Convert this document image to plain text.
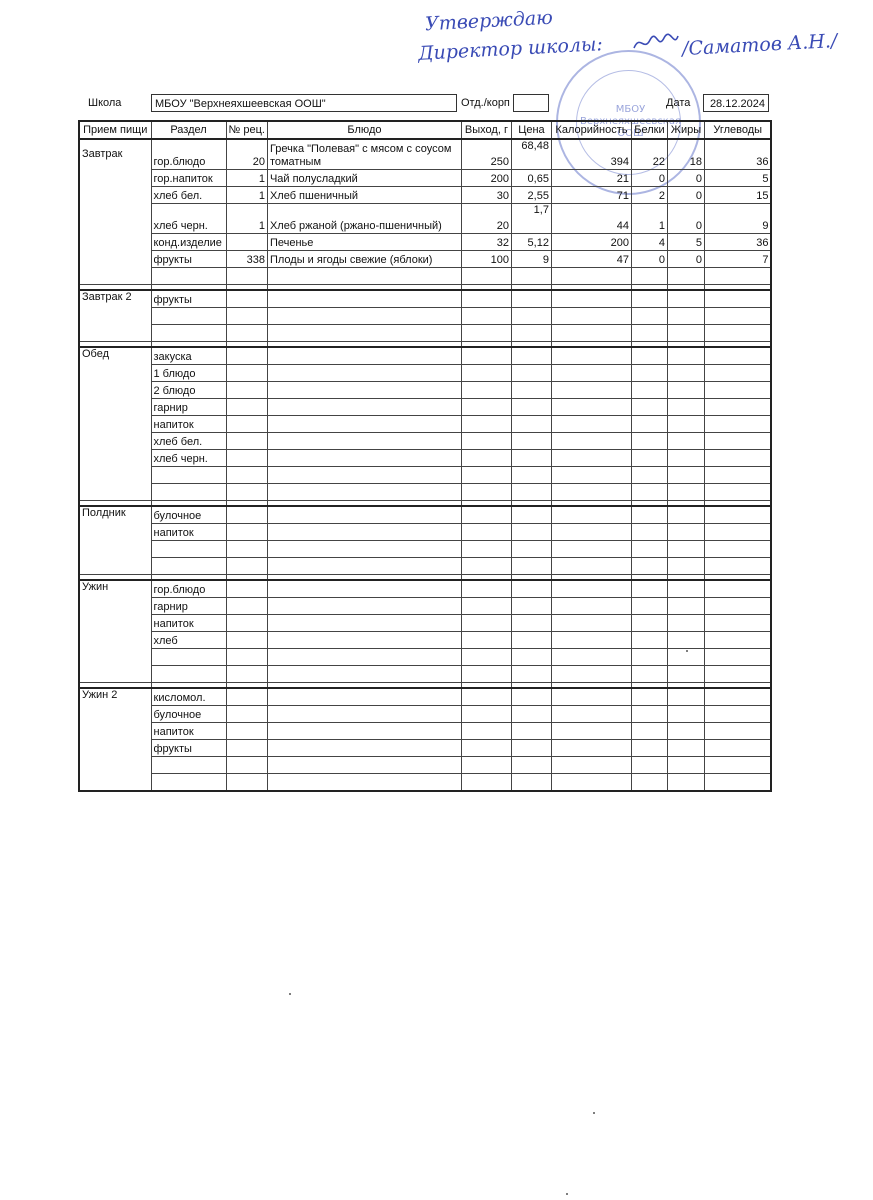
Утверждаю
Директор школы:	/Саматов А.Н./
МБОУ
Верхнеяхшеевская
ООШ
Школа	МБОУ "Верхнеяхшеевская ООШ"	Отд./корп	Дата	28.12.2024
Прием пищи	Раздел	№ рец.	Блюдо	Выход, г	Цена	Калорийность	Белки	Жиры	Углеводы
Завтрак	гор.блюдо	20	Гречка "Полевая" с мясом с соусом томатным	250	68,48	394	22	18	36
	гор.напиток	1	Чай полусладкий	200	0,65	21	0	0	5
	хлеб бел.	1	Хлеб пшеничный	30	2,55	71	2	0	15
	хлеб черн.	1	Хлеб ржаной (ржано-пшеничный)	20	1,7	44	1	0	9
	конд.изделие		Печенье	32	5,12	200	4	5	36
	фрукты	338	Плоды и ягоды свежие (яблоки)	100	9	47	0	0	7

Завтрак 2	фрукты								

Обед	закуска								
	1 блюдо								
	2 блюдо								
	гарнир								
	напиток								
	хлеб бел.								
	хлеб черн.								

Полдник	булочное								
	напиток								

Ужин	гор.блюдо								
	гарнир								
	напиток								
	хлеб								

Ужин 2	кисломол.								
	булочное								
	напиток								
	фрукты								
